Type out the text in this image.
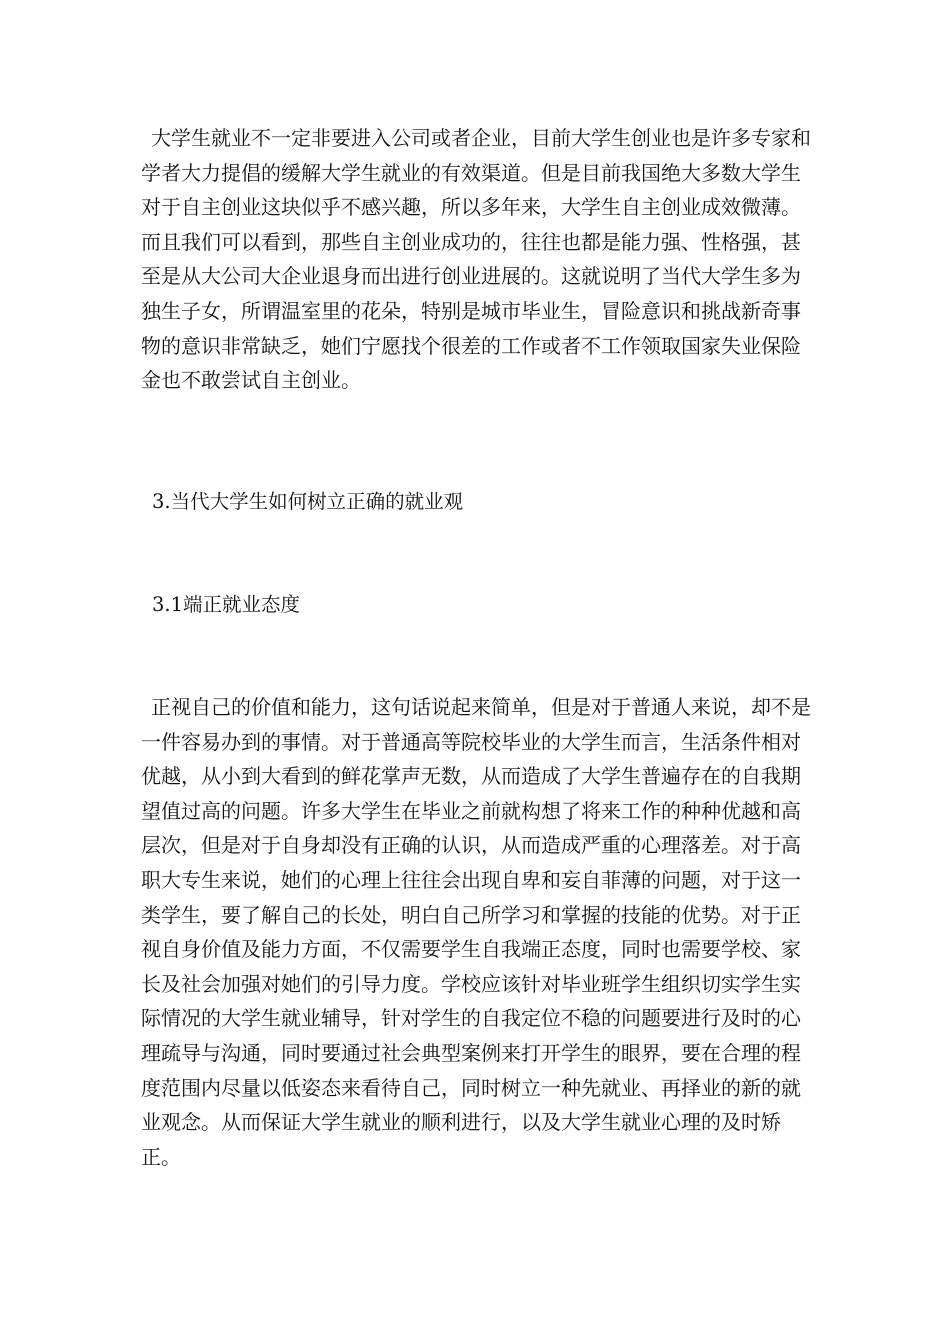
大学生就业不一定非要进入公司或者企业，目前大学生创业也是许多专家和学者大力提倡的缓解大学生就业的有效渠道。但是目前我国绝大多数大学生对于自主创业这块似乎不感兴趣，所以多年来，大学生自主创业成效微薄。而且我们可以看到，那些自主创业成功的，往往也都是能力强、性格强，甚至是从大公司大企业退身而出进行创业进展的。这就说明了当代大学生多为独生子女，所谓温室里的花朵，特别是城市毕业生，冒险意识和挑战新奇事物的意识非常缺乏，她们宁愿找个很差的工作或者不工作领取国家失业保险金也不敢尝试自主创业。

3.当代大学生如何树立正确的就业观

3.1端正就业态度

正视自己的价值和能力，这句话说起来简单，但是对于普通人来说，却不是一件容易办到的事情。对于普通高等院校毕业的大学生而言，生活条件相对优越，从小到大看到的鲜花掌声无数，从而造成了大学生普遍存在的自我期望值过高的问题。许多大学生在毕业之前就构想了将来工作的种种优越和高层次，但是对于自身却没有正确的认识，从而造成严重的心理落差。对于高职大专生来说，她们的心理上往往会出现自卑和妄自菲薄的问题，对于这一类学生，要了解自己的长处，明白自己所学习和掌握的技能的优势。对于正视自身价值及能力方面，不仅需要学生自我端正态度，同时也需要学校、家长及社会加强对她们的引导力度。学校应该针对毕业班学生组织切实学生实际情况的大学生就业辅导，针对学生的自我定位不稳的问题要进行及时的心理疏导与沟通，同时要通过社会典型案例来打开学生的眼界，要在合理的程度范围内尽量以低姿态来看待自己，同时树立一种先就业、再择业的新的就业观念。从而保证大学生就业的顺利进行，以及大学生就业心理的及时矫正。
